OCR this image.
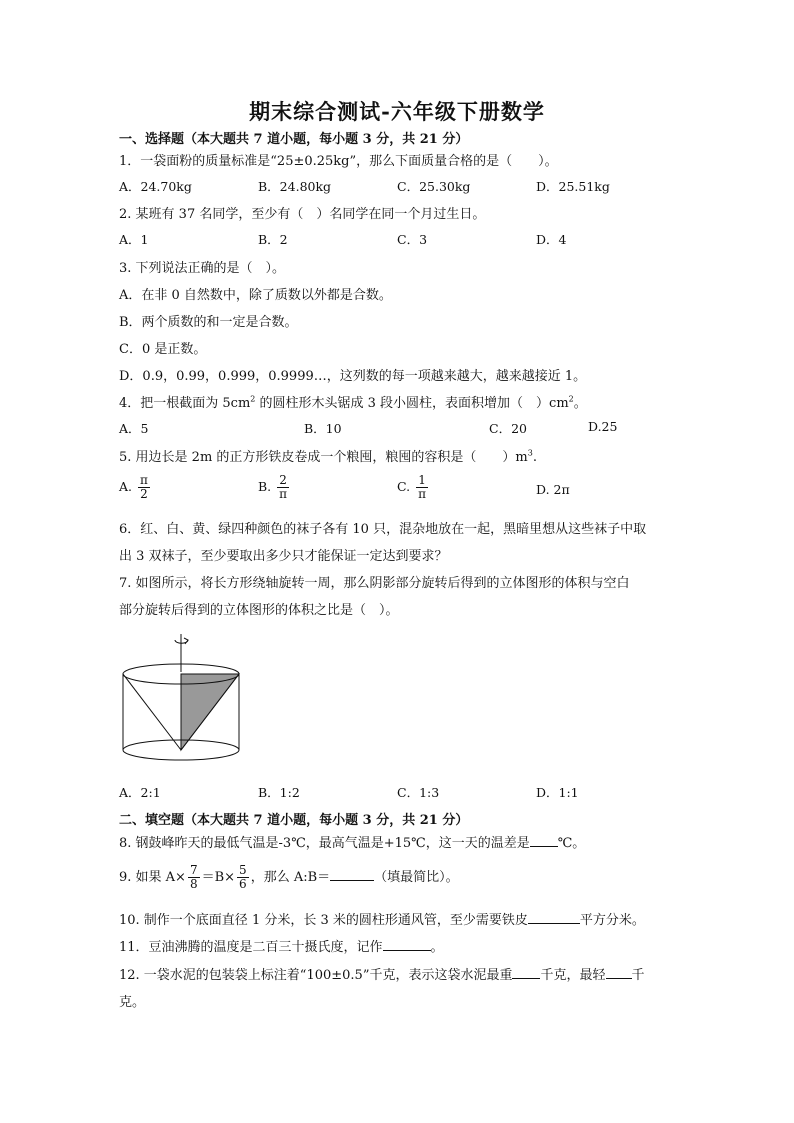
期末综合测试-六年级下册数学
一、选择题（本大题共 7 道小题，每小题 3 分，共 21 分）
1．一袋面粉的质量标准是“25±0.25kg”，那么下面质量合格的是（　　）。
A．24.70kg	B．24.80kg	C．25.30kg	D．25.51kg
2. 某班有 37 名同学，至少有（　）名同学在同一个月过生日。
A．1	B．2	C．3	D．4
3. 下列说法正确的是（　）。
A．在非 0 自然数中，除了质数以外都是合数。
B．两个质数的和一定是合数。
C．0 是正数。
D．0.9，0.99，0.999，0.9999…，这列数的每一项越来越大，越来越接近 1。
4．把一根截面为 $5cm^2$ 的圆柱形木头锯成 3 段小圆柱，表面积增加（　）$cm^2$。
A．5	B．10	C．20	D.25
5. 用边长是 2m 的正方形铁皮卷成一个粮囤，粮囤的容积是（　　）$m^3$.
A. $\frac{\pi}{2}$	B. $\frac{2}{\pi}$	C. $\frac{1}{\pi}$	D. 2π
6．红、白、黄、绿四种颜色的袜子各有 10 只，混杂地放在一起，黑暗里想从这些袜子中取
出 3 双袜子，至少要取出多少只才能保证一定达到要求？
7. 如图所示，将长方形绕轴旋转一周，那么阴影部分旋转后得到的立体图形的体积与空白
部分旋转后得到的立体图形的体积之比是（　）。
A．2:1	B．1:2	C．1:3	D．1:1
二、填空题（本大题共 7 道小题，每小题 3 分，共 21 分）
8. 钢鼓峰昨天的最低气温是-3℃，最高气温是+15℃，这一天的温差是 ℃。
9. 如果 $A\times \frac{7}{8} =B\times \frac{5}{6}$ ，那么 A:B＝	（填最简比）。
10. 制作一个底面直径 1 分米，长 3 米的圆柱形通风管，至少需要铁皮	平方分米。
11．豆油沸腾的温度是二百三十摄氏度，记作	。
12. 一袋水泥的包装袋上标注着“100±0.5”千克，表示这袋水泥最重 千克，最轻 千
克。
